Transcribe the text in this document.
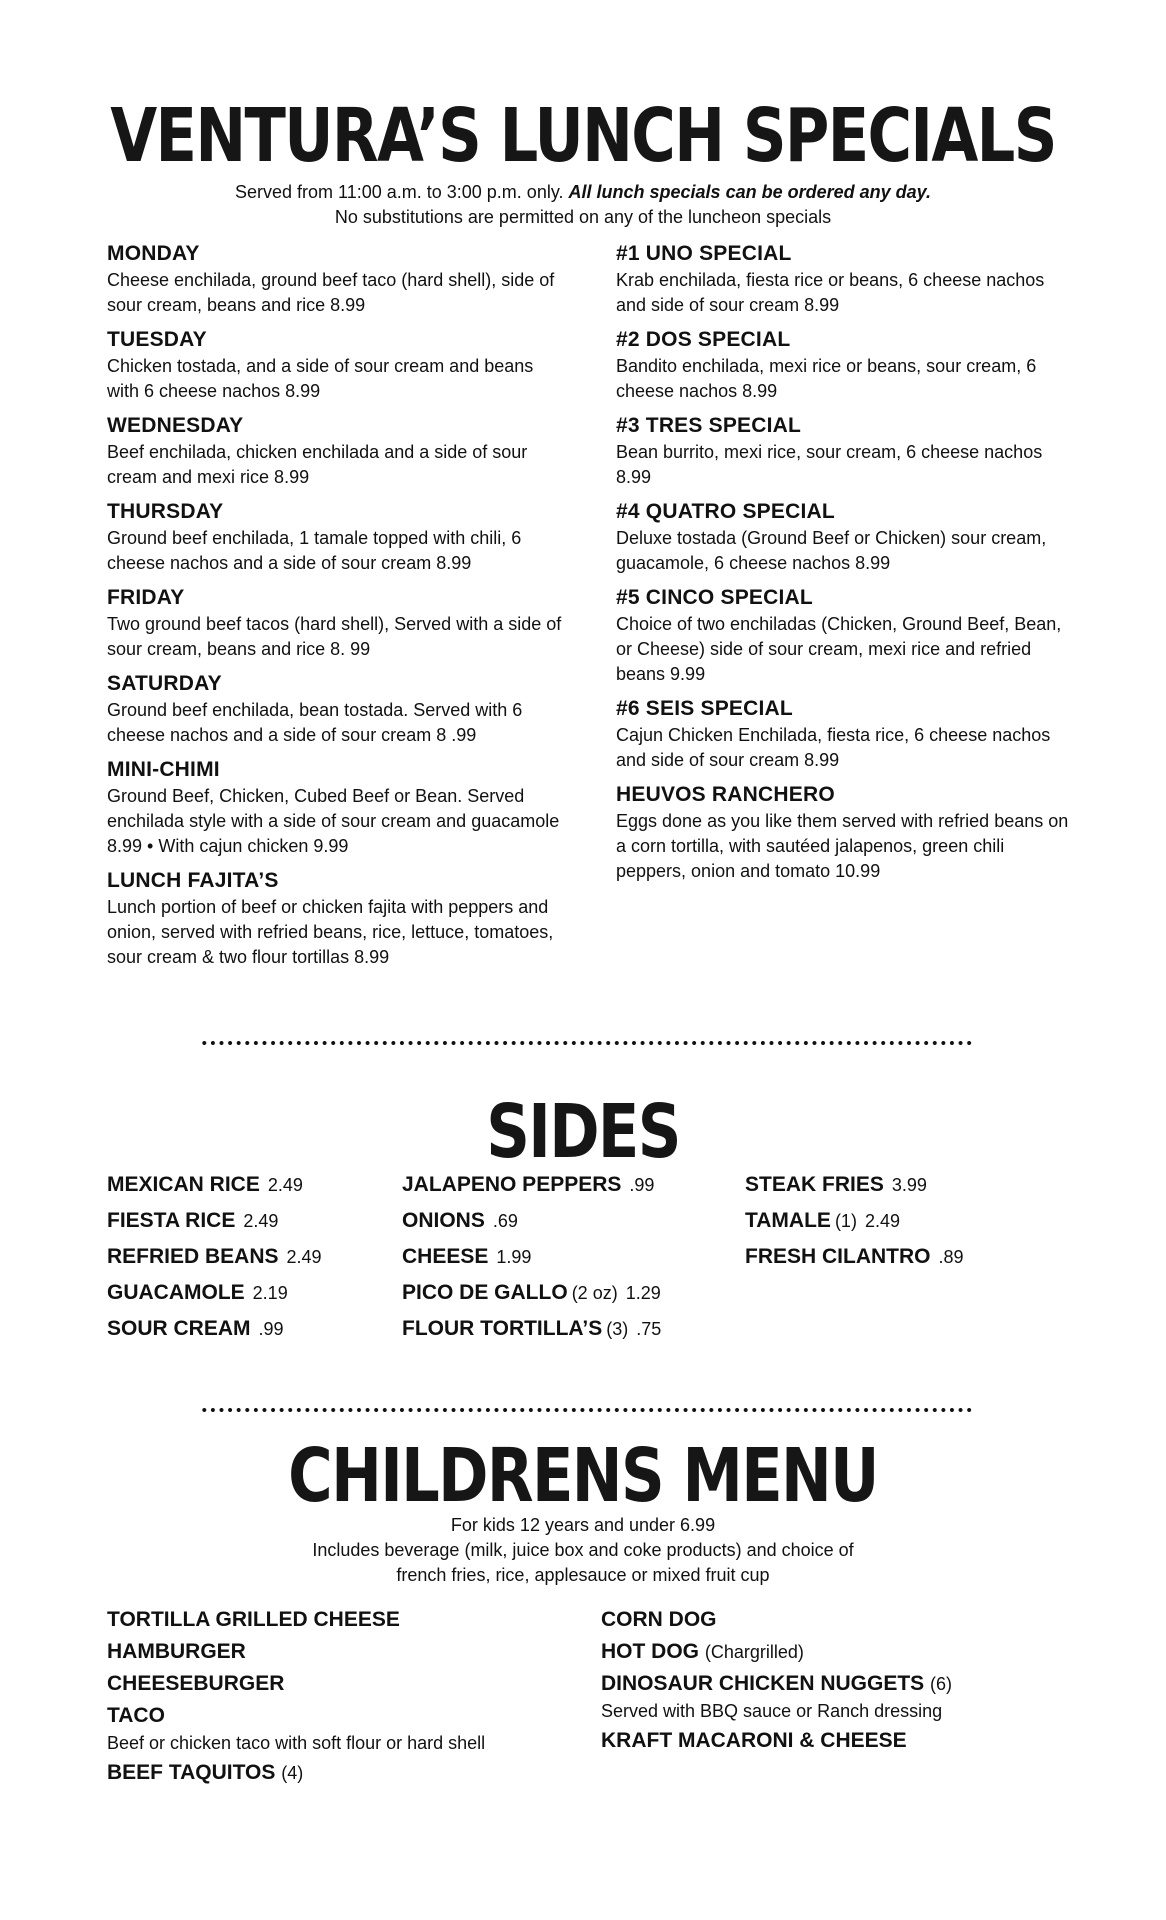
VENTURA’S LUNCH SPECIALS
Served from 11:00 a.m. to 3:00 p.m. only. All lunch specials can be ordered any day.
No substitutions are permitted on any of the luncheon specials
MONDAY
Cheese enchilada, ground beef taco (hard shell), side of sour cream, beans and rice 8.99
TUESDAY
Chicken tostada, and a side of sour cream and beans with 6 cheese nachos 8.99
WEDNESDAY
Beef enchilada, chicken enchilada and a side of sour cream and mexi rice 8.99
THURSDAY
Ground beef enchilada, 1 tamale topped with chili, 6 cheese nachos and a side of sour cream 8.99
FRIDAY
Two ground beef tacos (hard shell), Served with a side of sour cream, beans and rice 8. 99
SATURDAY
Ground beef enchilada, bean tostada. Served with 6 cheese nachos and a side of sour cream 8 .99
MINI-CHIMI
Ground Beef, Chicken, Cubed Beef or Bean. Served enchilada style with a side of sour cream and guacamole 8.99 • With cajun chicken 9.99
LUNCH FAJITA’S
Lunch portion of beef or chicken fajita with peppers and onion, served with refried beans, rice, lettuce, tomatoes, sour cream & two flour tortillas 8.99
#1 UNO SPECIAL
Krab enchilada, fiesta rice or beans, 6 cheese nachos and side of sour cream 8.99
#2 DOS SPECIAL
Bandito enchilada, mexi rice or beans, sour cream, 6 cheese nachos 8.99
#3 TRES SPECIAL
Bean burrito, mexi rice, sour cream, 6 cheese nachos 8.99
#4 QUATRO SPECIAL
Deluxe tostada (Ground Beef or Chicken) sour cream, guacamole, 6 cheese nachos 8.99
#5 CINCO SPECIAL
Choice of two enchiladas (Chicken, Ground Beef, Bean, or Cheese) side of sour cream, mexi rice and refried beans 9.99
#6 SEIS SPECIAL
Cajun Chicken Enchilada, fiesta rice, 6 cheese nachos and side of sour cream 8.99
HEUVOS RANCHERO
Eggs done as you like them served with refried beans on a corn tortilla, with sautéed jalapenos, green chili peppers, onion and tomato 10.99
SIDES
MEXICAN RICE 2.49
FIESTA RICE 2.49
REFRIED BEANS 2.49
GUACAMOLE 2.19
SOUR CREAM .99
JALAPENO PEPPERS .99
ONIONS .69
CHEESE 1.99
PICO DE GALLO (2 oz) 1.29
FLOUR TORTILLA’S (3) .75
STEAK FRIES 3.99
TAMALE (1) 2.49
FRESH CILANTRO .89
CHILDRENS MENU
For kids 12 years and under 6.99
Includes beverage (milk, juice box and coke products) and choice of
french fries, rice, applesauce or mixed fruit cup
TORTILLA GRILLED CHEESE
HAMBURGER
CHEESEBURGER
TACO
Beef or chicken taco with soft flour or hard shell
BEEF TAQUITOS (4)
CORN DOG
HOT DOG (Chargrilled)
DINOSAUR CHICKEN NUGGETS (6)
Served with BBQ sauce or Ranch dressing
KRAFT MACARONI & CHEESE
